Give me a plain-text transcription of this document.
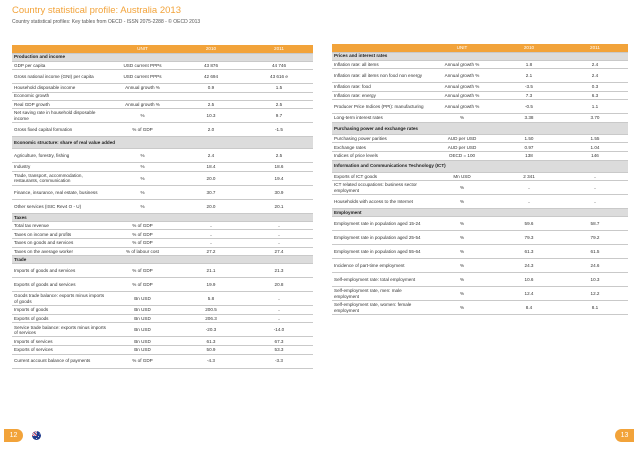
Country statistical profile: Australia 2013
Country statistical profiles: Key tables from OECD - ISSN 2075-2288 - © OECD 2013
	UNIT	2010	2011
Production and income			
GDP per capita	USD current PPPs	43 876	44 746
Gross national income (GNI) per capita	USD current PPPs	42 694	43 616 e
Household disposable income	Annual growth %	0.9	1.5
Economic growth			
Real GDP growth	Annual growth %	2.5	2.5
Net saving rate in household disposable income	%	10.3	9.7
Gross fixed capital formation	% of GDP	2.0	-1.5
Economic structure: share of real value added			
Agriculture, forestry, fishing	%	2.4	2.5
Industry	%	18.4	18.6
Trade, transport, accommodation, restaurants, communication	%	20.0	19.4
Finance, insurance, real estate, business	%	30.7	30.9
Other services (ISIC Rev4 O - U)	%	20.0	20.1
Taxes			
Total tax revenue	% of GDP	..	..
Taxes on income and profits	% of GDP	..	..
Taxes on goods and services	% of GDP	..	..
Taxes on the average worker	% of labour cost	27.2	27.4
Trade			
Imports of goods and services	% of GDP	21.1	21.3
Exports of goods and services	% of GDP	19.9	20.8
Goods trade balance: exports minus imports of goods	Bn USD	5.8	..
Imports of goods	Bn USD	200.5	..
Exports of goods	Bn USD	206.3	..
Service trade balance: exports minus imports of services	Bn USD	-20.3	-14.0
Imports of services	Bn USD	61.3	67.3
Exports of services	Bn USD	50.9	53.3
Current account balance of payments	% of GDP	-4.3	-3.3
	UNIT	2010	2011
Prices and interest rates			
Inflation rate: all items	Annual growth %	1.8	2.4
Inflation rate: all items non food non energy	Annual growth %	2.1	2.4
Inflation rate: food	Annual growth %	-3.5	0.3
Inflation rate: energy	Annual growth %	7.3	6.3
Producer Price Indices (PPI): manufacturing	Annual growth %	-0.5	1.1
Long-term interest rates	%	3.38	3.70
Purchasing power and exchange rates			
Purchasing power parities	AUD per USD	1.50	1.55
Exchange rates	AUD per USD	0.97	1.04
Indices of price levels	OECD = 100	138	146
Information and Communications Technology (ICT)			
Exports of ICT goods	Mn USD	2 341	..
ICT related occupations: business sector employment	%	..	..
Households with access to the Internet	%	..	..
Employment			
Employment rate in population aged 15-24	%	59.6	58.7
Employment rate in population aged 25-54	%	79.3	79.2
Employment rate in population aged 55-64	%	61.3	61.5
Incidence of part-time employment	%	24.3	24.6
Self-employment rate: total employment	%	10.6	10.3
Self-employment rate, men: male employment	%	12.4	12.2
Self-employment rate, women: female employment	%	8.4	8.1
12	13
